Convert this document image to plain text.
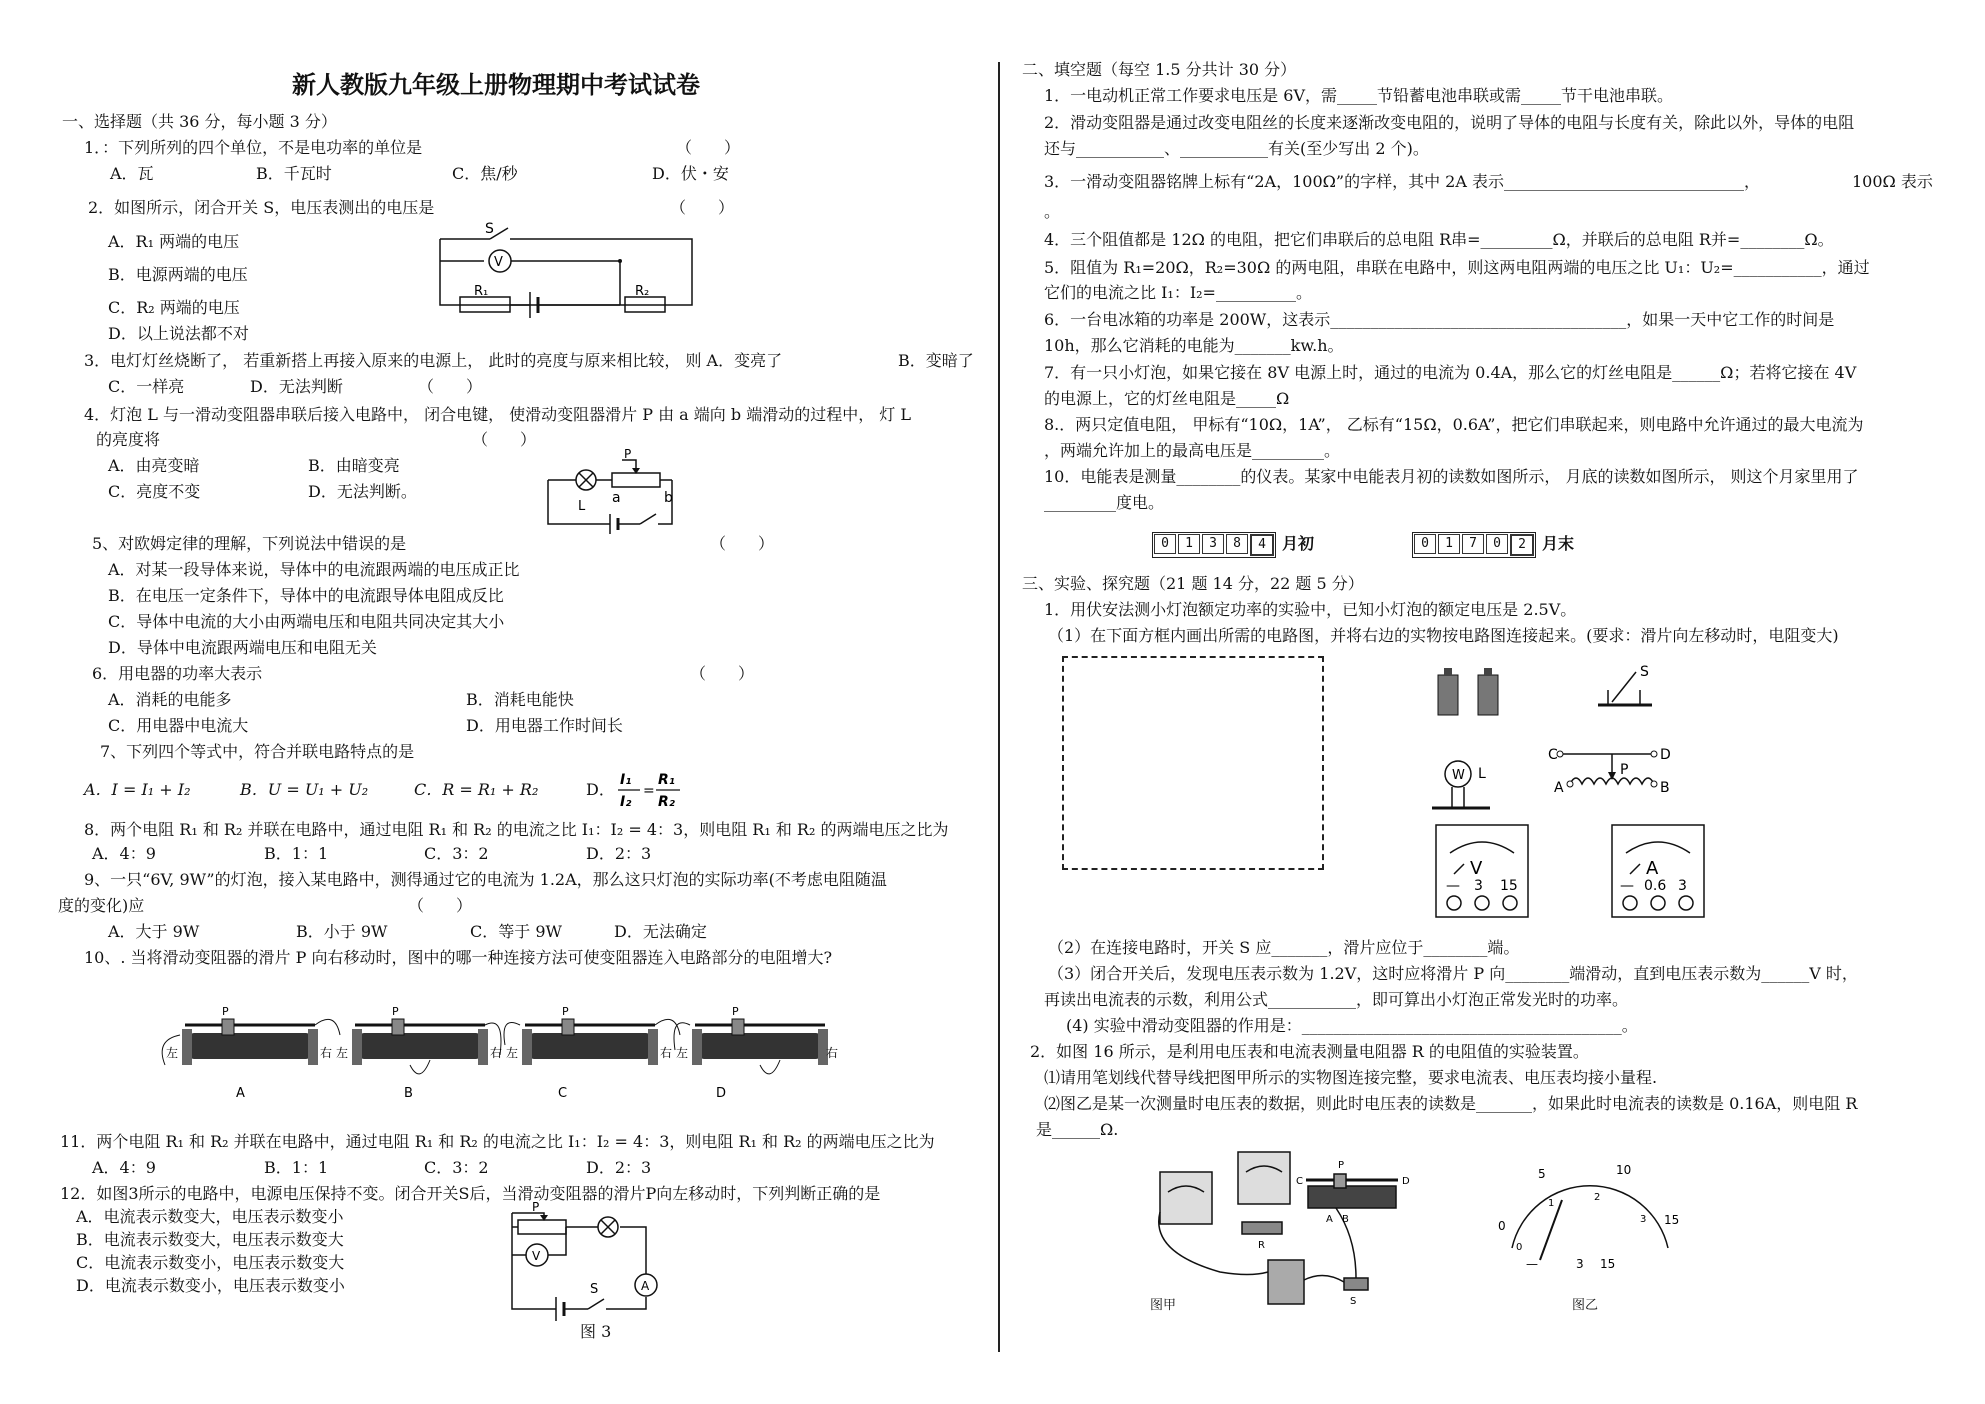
新人教版九年级上册物理期中考试试卷
一、选择题（共 36 分，每小题 3 分）
1．：下列所列的四个单位，不是电功率的单位是	（　　）
A．瓦	B．千瓦时	C．焦/秒	D．伏・安
2．如图所示，闭合开关 S，电压表测出的电压是	（　　）
A．R₁ 两端的电压
B．电源两端的电压
C．R₂ 两端的电压
D．以上说法都不对
S
V
R₁	R₂
3．电灯灯丝烧断了， 若重新搭上再接入原来的电源上， 此时的亮度与原来相比较， 则 A．变亮了	B．变暗了
C．一样亮	D．无法判断	（　　）
4．灯泡 L 与一滑动变阻器串联后接入电路中， 闭合电键， 使滑动变阻器滑片 P 由 a 端向 b 端滑动的过程中， 灯 L
的亮度将	（　　）
A．由亮变暗	B．由暗变亮
C．亮度不变	D．无法判断。
P
a	b
L
5、对欧姆定律的理解，下列说法中错误的是	（　　）
A．对某一段导体来说，导体中的电流跟两端的电压成正比
B．在电压一定条件下，导体中的电流跟导体电阻成反比
C．导体中电流的大小由两端电压和电阻共同决定其大小
D．导体中电流跟两端电压和电阻无关
6．用电器的功率大表示	（　　）
A．消耗的电能多	B．消耗电能快
C．用电器中电流大	D．用电器工作时间长
7、下列四个等式中，符合并联电路特点的是
A．I = I₁ + I₂	B．U = U₁ + U₂	C．R = R₁ + R₂	D． I₁
I₂
=
R₁
R₂
8．两个电阻 R₁ 和 R₂ 并联在电路中，通过电阻 R₁ 和 R₂ 的电流之比 I₁：I₂ = 4：3，则电阻 R₁ 和 R₂ 的两端电压之比为
A．4：9	B．1：1	C．3：2	D．2：3
9、一只“6V, 9W”的灯泡，接入某电路中，测得通过它的电流为 1.2A，那么这只灯泡的实际功率(不考虑电阻随温
度的变化)应	（　　）
A．大于 9W	B．小于 9W	C．等于 9W	D．无法确定
10、. 当将滑动变阻器的滑片 P 向右移动时，图中的哪一种连接方法可使变阻器连入电路部分的电阻增大?
P	P	P	P
左	右 左	右 左	右 左	右
A	B	C	D
11．两个电阻 R₁ 和 R₂ 并联在电路中，通过电阻 R₁ 和 R₂ 的电流之比 I₁：I₂ = 4：3，则电阻 R₁ 和 R₂ 的两端电压之比为
A．4：9	B．1：1	C．3：2	D．2：3
12．如图3所示的电路中，电源电压保持不变。闭合开关S后，当滑动变阻器的滑片P向左移动时，下列判断正确的是
A．电流表示数变大，电压表示数变小
B．电流表示数变大，电压表示数变大
C．电流表示数变小，电压表示数变大
D．电流表示数变小，电压表示数变小
P
V
A
S
图 3
二、填空题（每空 1.5 分共计 30 分）
1．一电动机正常工作要求电压是 6V，需_____节铅蓄电池串联或需_____节干电池串联。
2．滑动变阻器是通过改变电阻丝的长度来逐渐改变电阻的，说明了导体的电阻与长度有关，除此以外，导体的电阻
还与___________、___________有关(至少写出 2 个)。
3．一滑动变阻器铭牌上标有“2A，100Ω”的字样，其中 2A 表示______________________________，	100Ω 表示
。
4．三个阻值都是 12Ω 的电阻，把它们串联后的总电阻 R串=_________Ω，并联后的总电阻 R并=________Ω。
5．阻值为 R₁=20Ω，R₂=30Ω 的两电阻，串联在电路中，则这两电阻两端的电压之比 U₁：U₂=___________，通过
它们的电流之比 I₁：I₂=__________。
6．一台电冰箱的功率是 200W，这表示_____________________________________，如果一天中它工作的时间是
10h，那么它消耗的电能为_______kw.h。
7．有一只小灯泡，如果它接在 8V 电源上时，通过的电流为 0.4A，那么它的灯丝电阻是______Ω；若将它接在 4V
的电源上，它的灯丝电阻是_____Ω
8.．两只定值电阻， 甲标有“10Ω，1A”， 乙标有“15Ω，0.6A”，把它们串联起来，则电路中允许通过的最大电流为
，两端允许加上的最高电压是_________。
10．电能表是测量________的仪表。某家中电能表月初的读数如图所示， 月底的读数如图所示， 则这个月家里用了
_________度电。
0	1	3	8	4	月初	0	1	7	0	2	月末
三、实验、探究题（21 题 14 分，22 题 5 分）
1．用伏安法测小灯泡额定功率的实验中，已知小灯泡的额定电压是 2.5V。
（1）在下面方框内画出所需的电路图，并将右边的实物按电路图连接起来。(要求：滑片向左移动时，电阻变大)
S
W L
C	D
P
A	B
V
— 3 15
A
— 0.6 3
（2）在连接电路时，开关 S 应_______，滑片应位于________端。
（3）闭合开关后，发现电压表示数为 1.2V，这时应将滑片 P 向________端滑动，直到电压表示数为______V 时，
再读出电流表的示数，利用公式___________，即可算出小灯泡正常发光时的功率。
(4) 实验中滑动变阻器的作用是：________________________________________。
2．如图 16 所示，是利用电压表和电流表测量电阻器 R 的电阻值的实验装置。
⑴请用笔划线代替导线把图甲所示的实物图连接完整，要求电流表、电压表均接小量程.
⑵图乙是某一次测量时电压表的数据，则此时电压表的读数是_______，如果此时电流表的读数是 0.16A，则电阻 R
是______Ω.
C
P
D
A B
R
S
图甲
0
5	10
15
0
1
2
3
—	3 15
图乙
